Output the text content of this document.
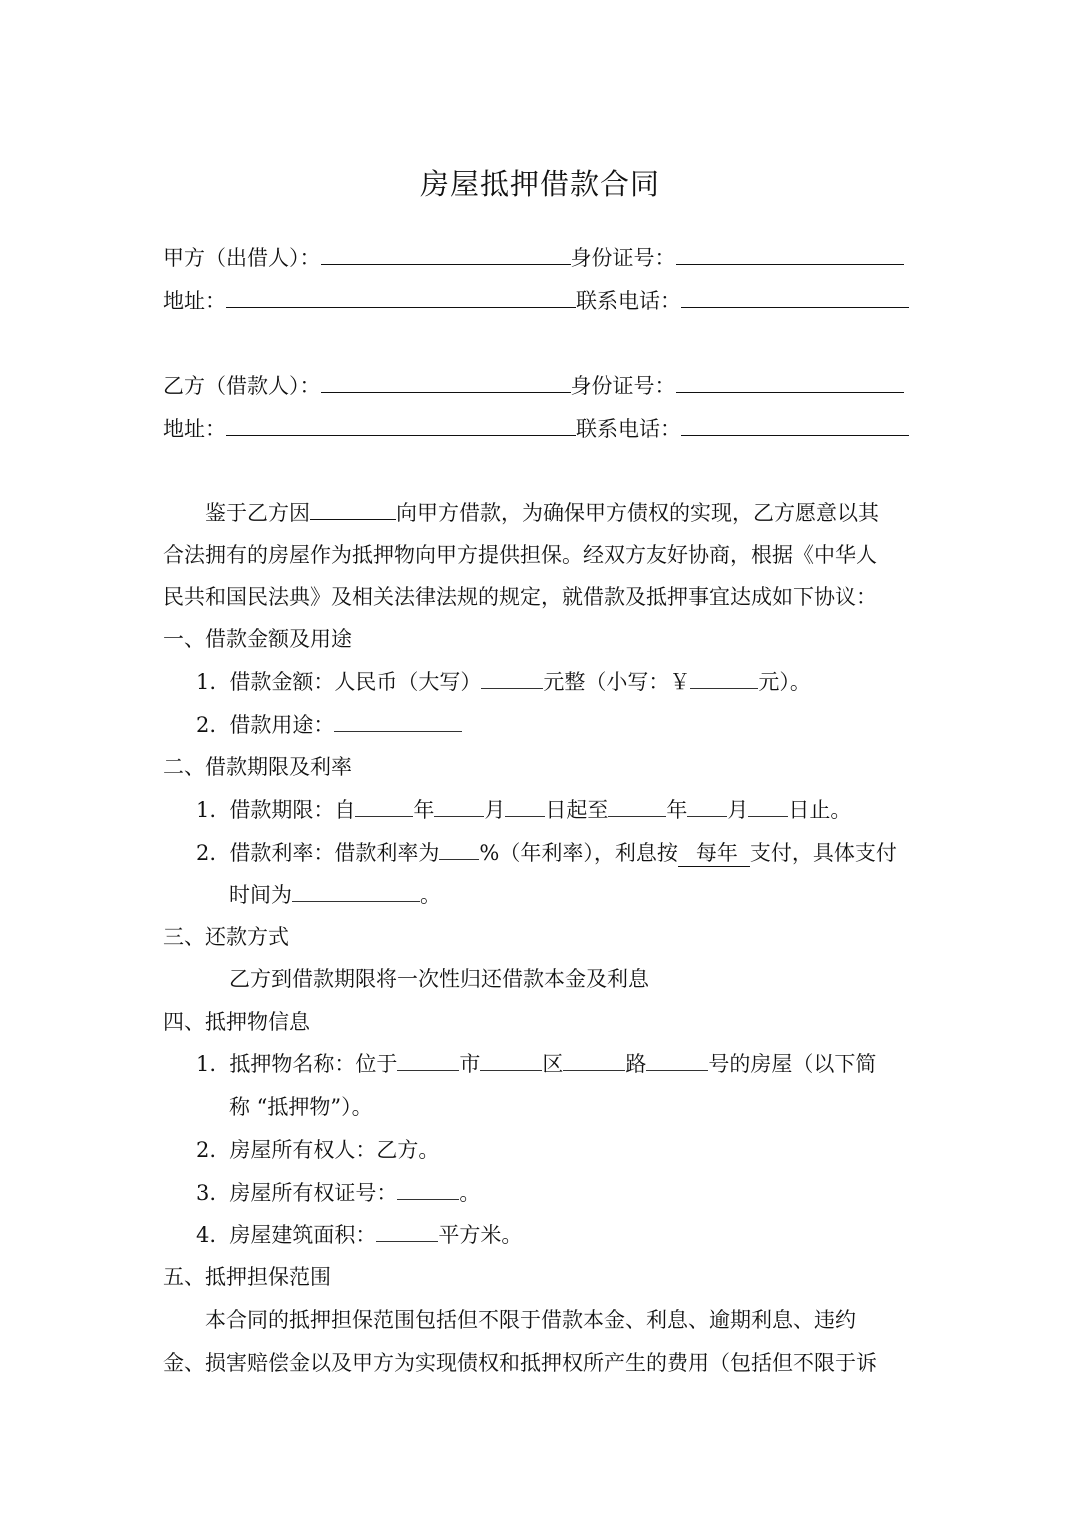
房屋抵押借款合同
甲方（出借人）：	身份证号：
地址：	联系电话：
乙方（借款人）：	身份证号：
地址：	联系电话：
鉴于乙方因	向甲方借款，为确保甲方债权的实现，乙方愿意以其
合法拥有的房屋作为抵押物向甲方提供担保。经双方友好协商，根据《中华人
民共和国民法典》及相关法律法规的规定，就借款及抵押事宜达成如下协议：
一、借款金额及用途
1. 借款金额：人民币（大写）	元整（小写：￥	元）。
2. 借款用途：
二、借款期限及利率
1. 借款期限：自	年 月 日起至	年 月 日止。
2. 借款利率：借款利率为 %（年利率），利息按 每年 支付，具体支付
时间为	。
三、还款方式
乙方到借款期限将一次性归还借款本金及利息
四、抵押物信息
1. 抵押物名称：位于	市	区	路	号的房屋（以下简
称 “抵押物”）。
2. 房屋所有权人：乙方。
3. 房屋所有权证号：	。
4. 房屋建筑面积：	平方米。
五、抵押担保范围
本合同的抵押担保范围包括但不限于借款本金、利息、逾期利息、违约
金、损害赔偿金以及甲方为实现债权和抵押权所产生的费用（包括但不限于诉
